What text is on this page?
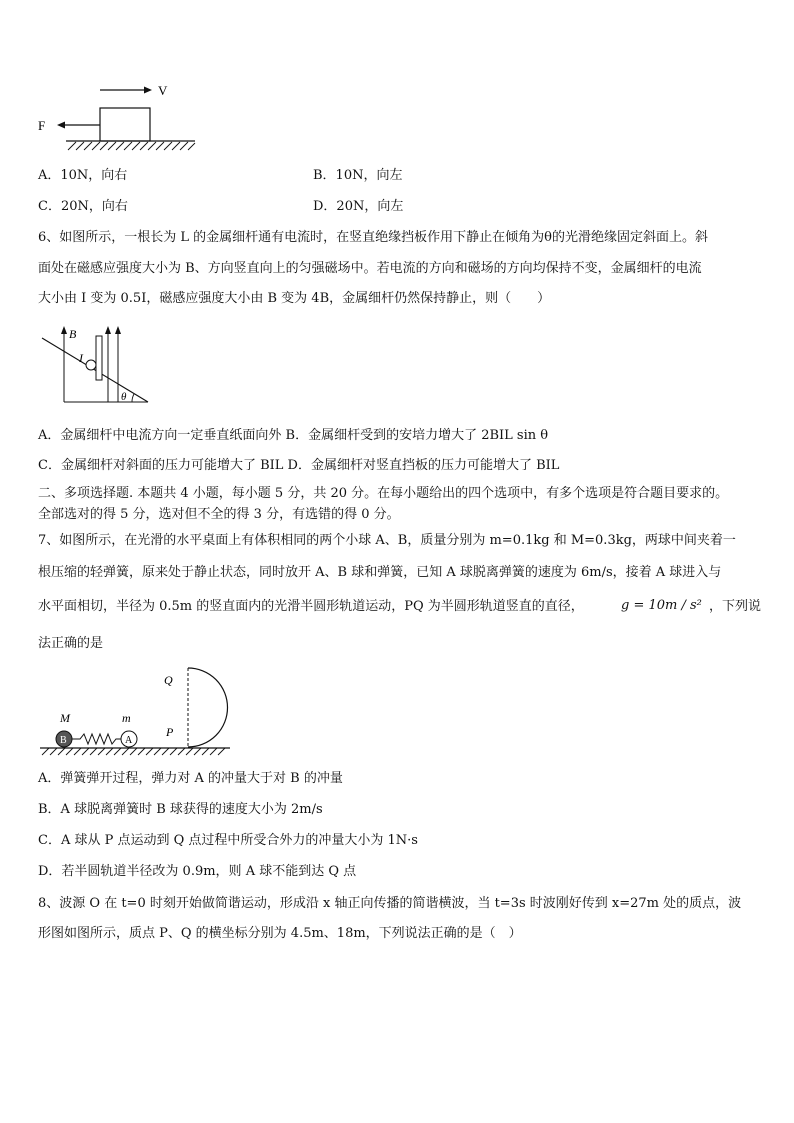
V
F
A．10N，向右	B．10N，向左
C．20N，向右	D．20N，向左
6、如图所示，一根长为 L 的金属细杆通有电流时，在竖直绝缘挡板作用下静止在倾角为θ的光滑绝缘固定斜面上。斜
面处在磁感应强度大小为 B、方向竖直向上的匀强磁场中。若电流的方向和磁场的方向均保持不变，金属细杆的电流
大小由 I 变为 0.5I，磁感应强度大小由 B 变为 4B，金属细杆仍然保持静止，则（　　）
B
I
θ
A．金属细杆中电流方向一定垂直纸面向外 B．金属细杆受到的安培力增大了 2BIL sin θ
C．金属细杆对斜面的压力可能增大了 BIL D．金属细杆对竖直挡板的压力可能增大了 BIL
二、多项选择题. 本题共 4 小题，每小题 5 分，共 20 分。在每小题给出的四个选项中，有多个选项是符合题目要求的。
全部选对的得 5 分，选对但不全的得 3 分，有选错的得 0 分。
7、如图所示，在光滑的水平桌面上有体积相同的两个小球 A、B，质量分别为 m=0.1kg 和 M=0.3kg，两球中间夹着一
根压缩的轻弹簧，原来处于静止状态，同时放开 A、B 球和弹簧，已知 A 球脱离弹簧的速度为 6m/s，接着 A 球进入与
水平面相切，半径为 0.5m 的竖直面内的光滑半圆形轨道运动，PQ 为半圆形轨道竖直的直径，	g = 10m / s² ，下列说
法正确的是
M	m
B	A
Q
P
A．弹簧弹开过程，弹力对 A 的冲量大于对 B 的冲量
B．A 球脱离弹簧时 B 球获得的速度大小为 2m/s
C．A 球从 P 点运动到 Q 点过程中所受合外力的冲量大小为 1N·s
D．若半圆轨道半径改为 0.9m，则 A 球不能到达 Q 点
8、波源 O 在 t=0 时刻开始做简谐运动，形成沿 x 轴正向传播的简谐横波，当 t=3s 时波刚好传到 x=27m 处的质点，波
形图如图所示，质点 P、Q 的横坐标分别为 4.5m、18m，下列说法正确的是（　）
